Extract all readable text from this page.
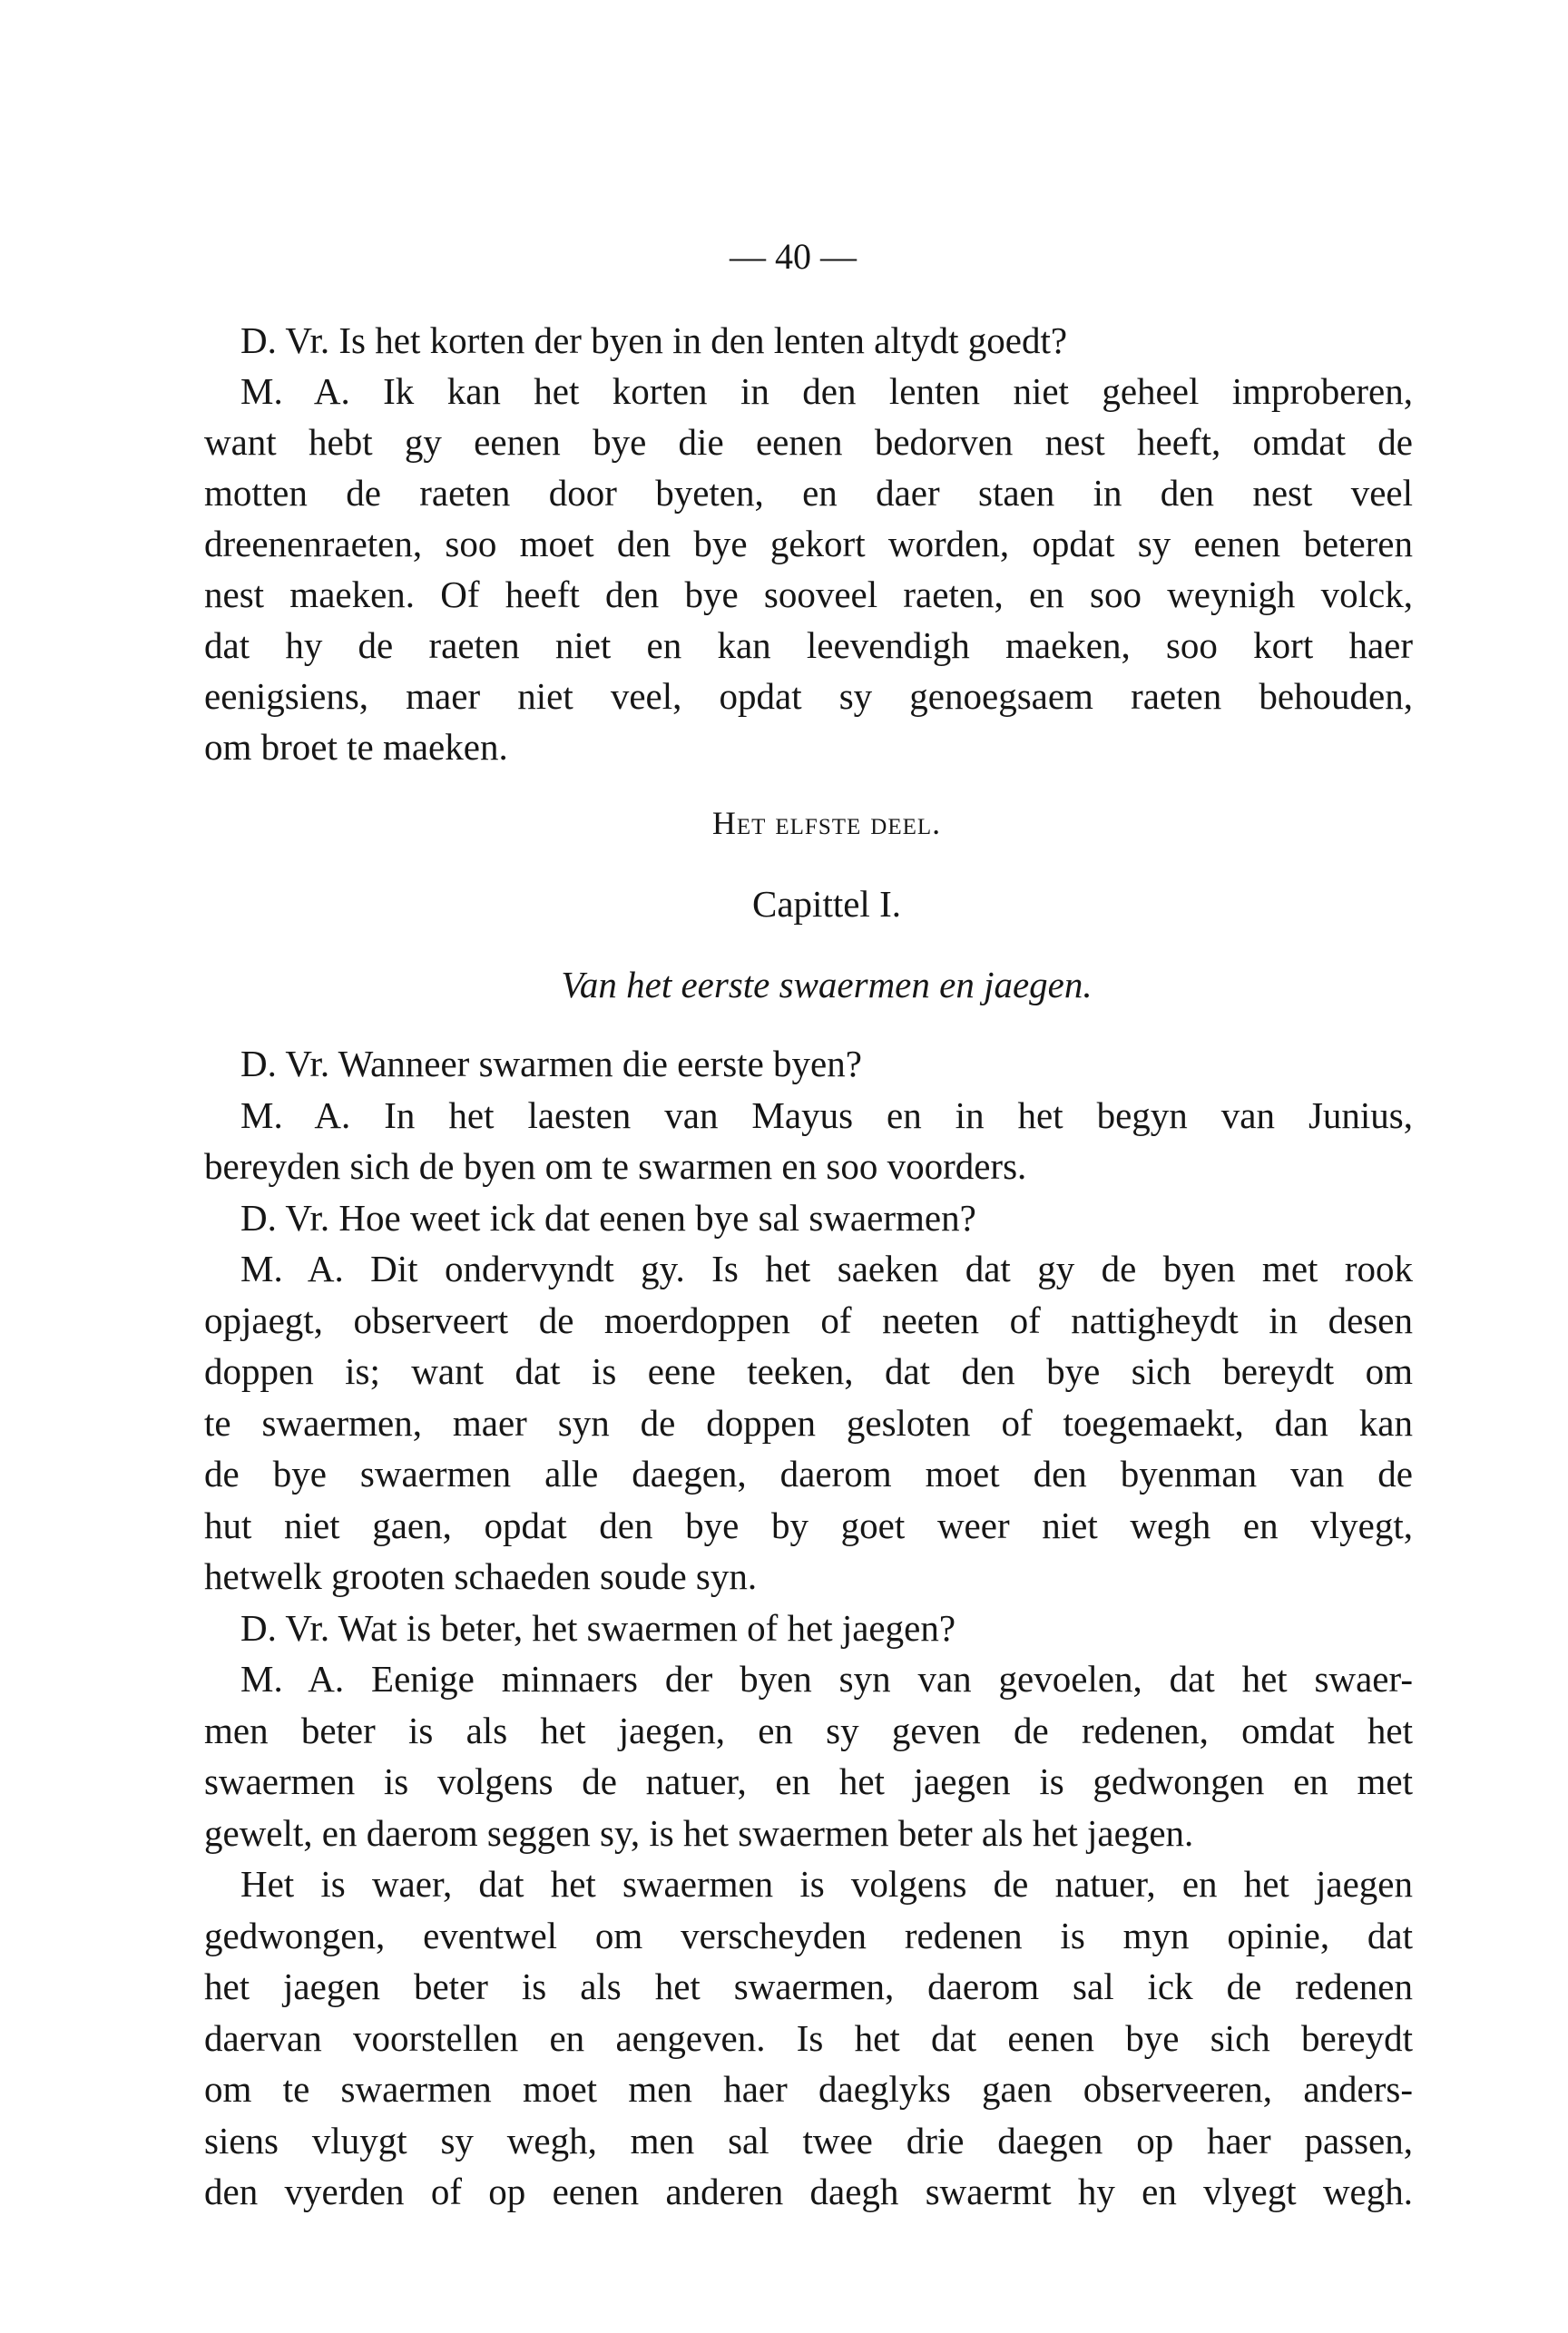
— 40 —
D. Vr. Is het korten der byen in den lenten altydt goedt?
M. A. Ik kan het korten in den lenten niet geheel improberen,
want hebt gy eenen bye die eenen bedorven nest heeft, omdat de
motten de raeten door byeten, en daer staen in den nest veel
dreenenraeten, soo moet den bye gekort worden, opdat sy eenen beteren
nest maeken. Of heeft den bye sooveel raeten, en soo weynigh volck,
dat hy de raeten niet en kan leevendigh maeken, soo kort haer
eenigsiens, maer niet veel, opdat sy genoegsaem raeten behouden,
om broet te maeken.
Het elfste deel.
Capittel I.
Van het eerste swaermen en jaegen.
D. Vr. Wanneer swarmen die eerste byen?
M. A. In het laesten van Mayus en in het begyn van Junius,
bereyden sich de byen om te swarmen en soo voorders.
D. Vr. Hoe weet ick dat eenen bye sal swaermen?
M. A. Dit ondervyndt gy. Is het saeken dat gy de byen met rook
opjaegt, observeert de moerdoppen of neeten of nattigheydt in desen
doppen is; want dat is eene teeken, dat den bye sich bereydt om
te swaermen, maer syn de doppen gesloten of toegemaekt, dan kan
de bye swaermen alle daegen, daerom moet den byenman van de
hut niet gaen, opdat den bye by goet weer niet wegh en vlyegt,
hetwelk grooten schaeden soude syn.
D. Vr. Wat is beter, het swaermen of het jaegen?
M. A. Eenige minnaers der byen syn van gevoelen, dat het swaer-
men beter is als het jaegen, en sy geven de redenen, omdat het
swaermen is volgens de natuer, en het jaegen is gedwongen en met
gewelt, en daerom seggen sy, is het swaermen beter als het jaegen.
Het is waer, dat het swaermen is volgens de natuer, en het jaegen
gedwongen, eventwel om verscheyden redenen is myn opinie, dat
het jaegen beter is als het swaermen, daerom sal ick de redenen
daervan voorstellen en aengeven. Is het dat eenen bye sich bereydt
om te swaermen moet men haer daeglyks gaen observeeren, anders-
siens vluygt sy wegh, men sal twee drie daegen op haer passen,
den vyerden of op eenen anderen daegh swaermt hy en vlyegt wegh.
